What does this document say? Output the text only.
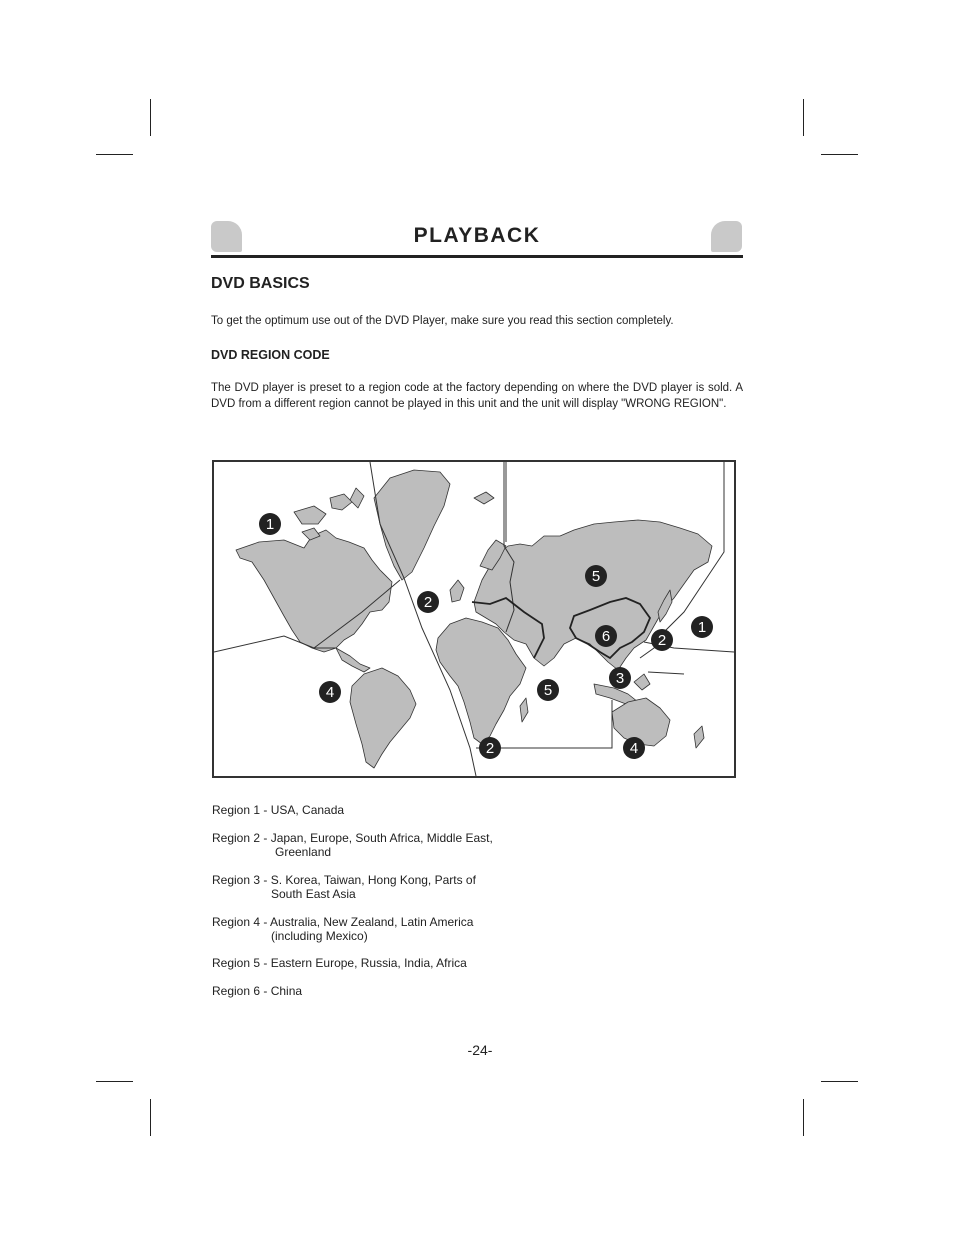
PLAYBACK
DVD BASICS
To get the optimum use out of the DVD Player, make sure you read this section completely.
DVD REGION CODE
The DVD player is preset to a region code at the factory depending on where the DVD player is sold. A DVD from a different region cannot be played in this unit and the unit will display "WRONG REGION".
1
2
5
6	2
1
3
4	5
2	4
Region 1 - USA, Canada
Region 2 - Japan, Europe, South Africa, Middle East,
Greenland
Region 3 - S. Korea, Taiwan, Hong Kong, Parts of
South East Asia
Region 4 - Australia, New Zealand, Latin America
(including Mexico)
Region 5 - Eastern Europe, Russia, India, Africa
Region 6 - China
-24-
